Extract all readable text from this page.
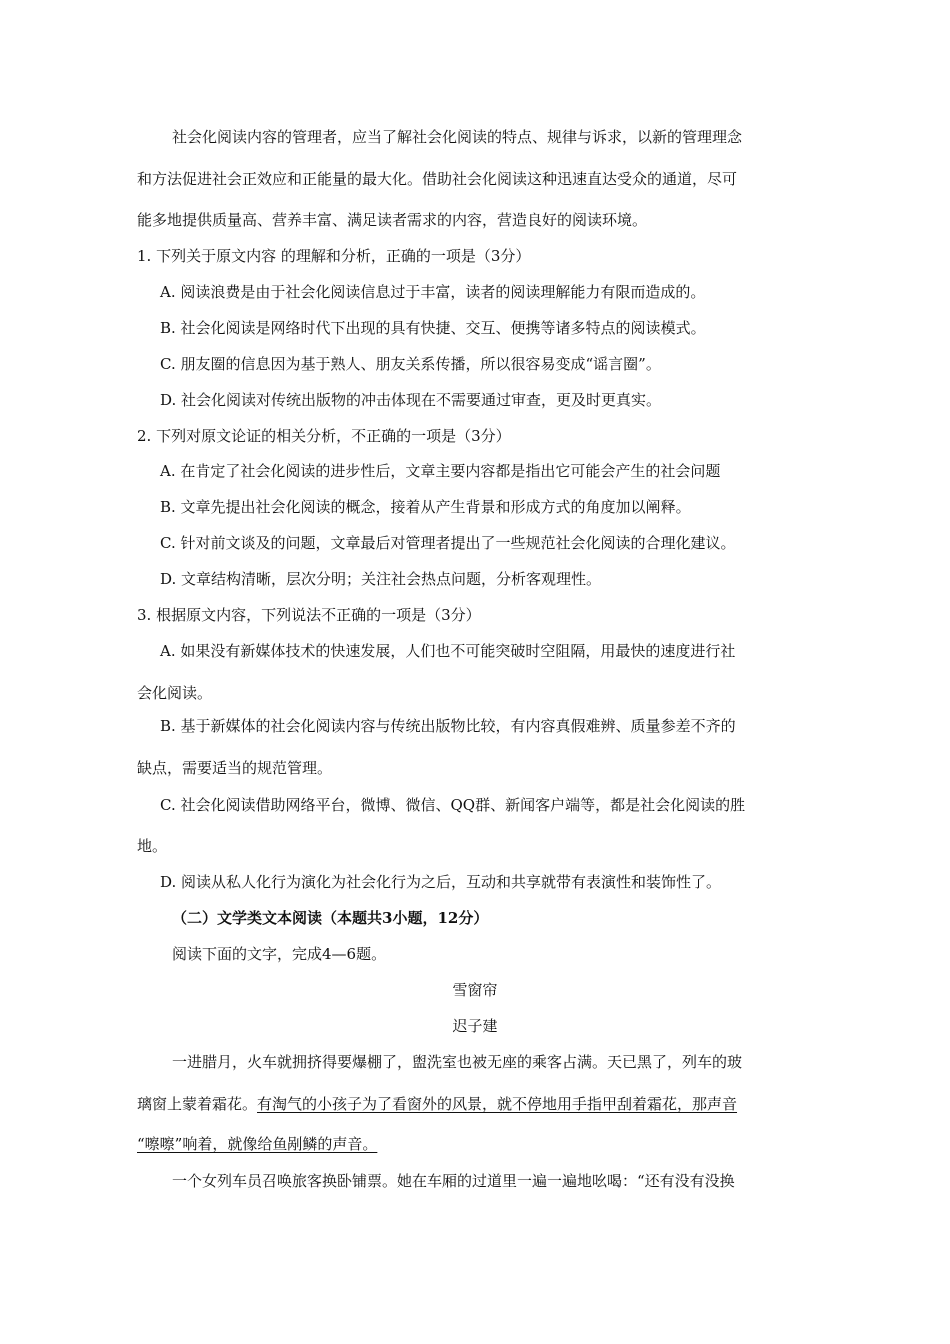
社会化阅读内容的管理者，应当了解社会化阅读的特点、规律与诉求，以新的管理理念
和方法促进社会正效应和正能量的最大化。借助社会化阅读这种迅速直达受众的通道，尽可
能多地提供质量高、营养丰富、满足读者需求的内容，营造良好的阅读环境。
1. 下列关于原文内容 的理解和分析，正确的一项是（3分）
A. 阅读浪费是由于社会化阅读信息过于丰富，读者的阅读理解能力有限而造成的。
B. 社会化阅读是网络时代下出现的具有快捷、交互、便携等诸多特点的阅读模式。
C. 朋友圈的信息因为基于熟人、朋友关系传播，所以很容易变成“谣言圈”。
D. 社会化阅读对传统出版物的冲击体现在不需要通过审查，更及时更真实。
2. 下列对原文论证的相关分析，不正确的一项是（3分）
A. 在肯定了社会化阅读的进步性后，文章主要内容都是指出它可能会产生的社会问题
B. 文章先提出社会化阅读的概念，接着从产生背景和形成方式的角度加以阐释。
C. 针对前文谈及的问题，文章最后对管理者提出了一些规范社会化阅读的合理化建议。
D. 文章结构清晰，层次分明；关注社会热点问题，分析客观理性。
3. 根据原文内容，下列说法不正确的一项是（3分）
A. 如果没有新媒体技术的快速发展，人们也不可能突破时空阻隔，用最快的速度进行社
会化阅读。
B. 基于新媒体的社会化阅读内容与传统出版物比较，有内容真假难辨、质量参差不齐的
缺点，需要适当的规范管理。
C. 社会化阅读借助网络平台，微博、微信、QQ群、新闻客户端等，都是社会化阅读的胜
地。
D. 阅读从私人化行为演化为社会化行为之后，互动和共享就带有表演性和装饰性了。
（二）文学类文本阅读（本题共3小题，12分）
阅读下面的文字，完成4—6题。
雪窗帘
迟子建
一进腊月，火车就拥挤得要爆棚了，盥洗室也被无座的乘客占满。天已黑了，列车的玻
璃窗上蒙着霜花。有淘气的小孩子为了看窗外的风景，就不停地用手指甲刮着霜花，那声音
“嚓嚓”响着，就像给鱼剐鳞的声音。
一个女列车员召唤旅客换卧铺票。她在车厢的过道里一遍一遍地吆喝：“还有没有没换
